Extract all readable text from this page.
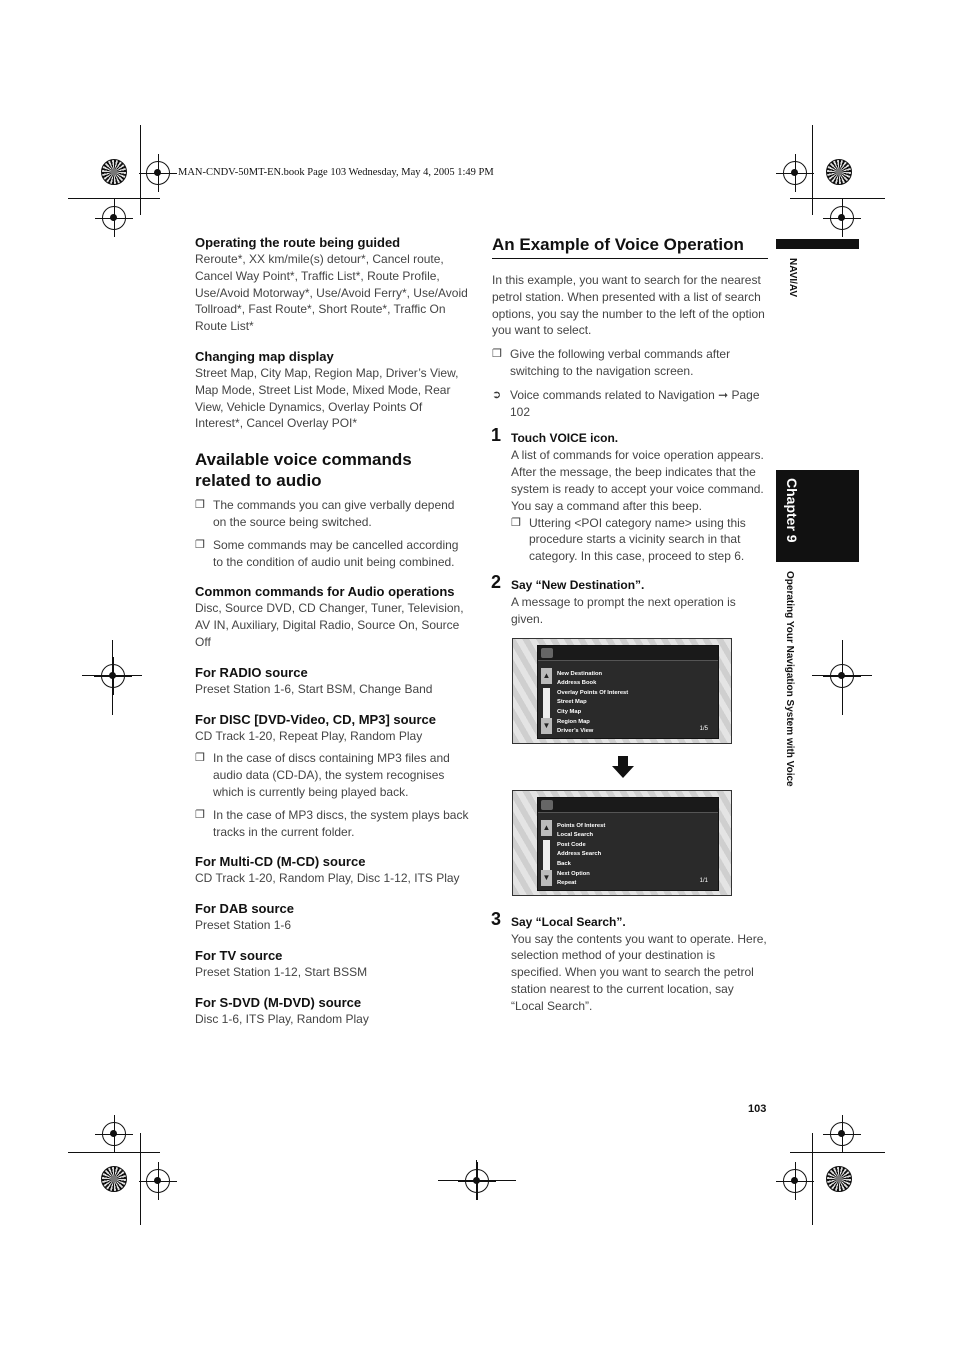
MAN-CNDV-50MT-EN.book Page 103 Wednesday, May 4, 2005 1:49 PM
Operating the route being guided

Reroute*, XX km/mile(s) detour*, Cancel route, Cancel Way Point*, Traffic List*, Route Profile, Use/Avoid Motorway*, Use/Avoid Ferry*, Use/Avoid Tollroad*, Fast Route*, Short Route*, Traffic On Route List*

Changing map display

Street Map, City Map, Region Map, Driver’s View, Map Mode, Street List Mode, Mixed Mode, Rear View, Vehicle Dynamics, Overlay Points Of Interest*, Cancel Overlay POI*

Available voice commands related to audio
❐ The commands you can give verbally depend on the source being switched.
❐ Some commands may be cancelled according to the condition of audio unit being combined.
Common commands for Audio operations

Disc, Source DVD, CD Changer, Tuner, Television, AV IN, Auxiliary, Digital Radio, Source On, Source Off

For RADIO source

Preset Station 1-6, Start BSM, Change Band

For DISC [DVD-Video, CD, MP3] source

CD Track 1-20, Repeat Play, Random Play

❐ In the case of discs containing MP3 files and audio data (CD-DA), the system recognises which is currently being played back.
❐ In the case of MP3 discs, the system plays back tracks in the current folder.
For Multi-CD (M-CD) source

CD Track 1-20, Random Play, Disc 1-12, ITS Play

For DAB source

Preset Station 1-6

For TV source

Preset Station 1-12, Start BSSM

For S-DVD (M-DVD) source

Disc 1-6, ITS Play, Random Play

An Example of Voice Operation

In this example, you want to search for the nearest petrol station. When presented with a list of search options, you say the number to the left of the option you want to select.

❐ Give the following verbal commands after switching to the navigation screen.
➲ Voice commands related to Navigation ➞ Page 102
1 Touch VOICE icon.

A list of commands for voice operation appears. After the message, the beep indicates that the system is ready to accept your voice command. You say a command after this beep.

❐ Uttering <POI category name> using this procedure starts a vicinity search in that category. In this case, proceed to step 6.
2 Say “New Destination”.

A message to prompt the next operation is given.

▲
▼
New Destination
Address Book
Overlay Points Of Interest
Street Map
City Map
Region Map
Driver’s View	1/5
▲
▼
Points Of Interest
Local Search
Post Code
Address Search
Back
Next Option
Repeat	1/1
3 Say “Local Search”.

You say the contents you want to operate. Here, selection method of your destination is specified. When you want to search the petrol station nearest to the current location, say “Local Search”.

NAVI/AV
Chapter 9
Operating Your Navigation System with Voice
103
